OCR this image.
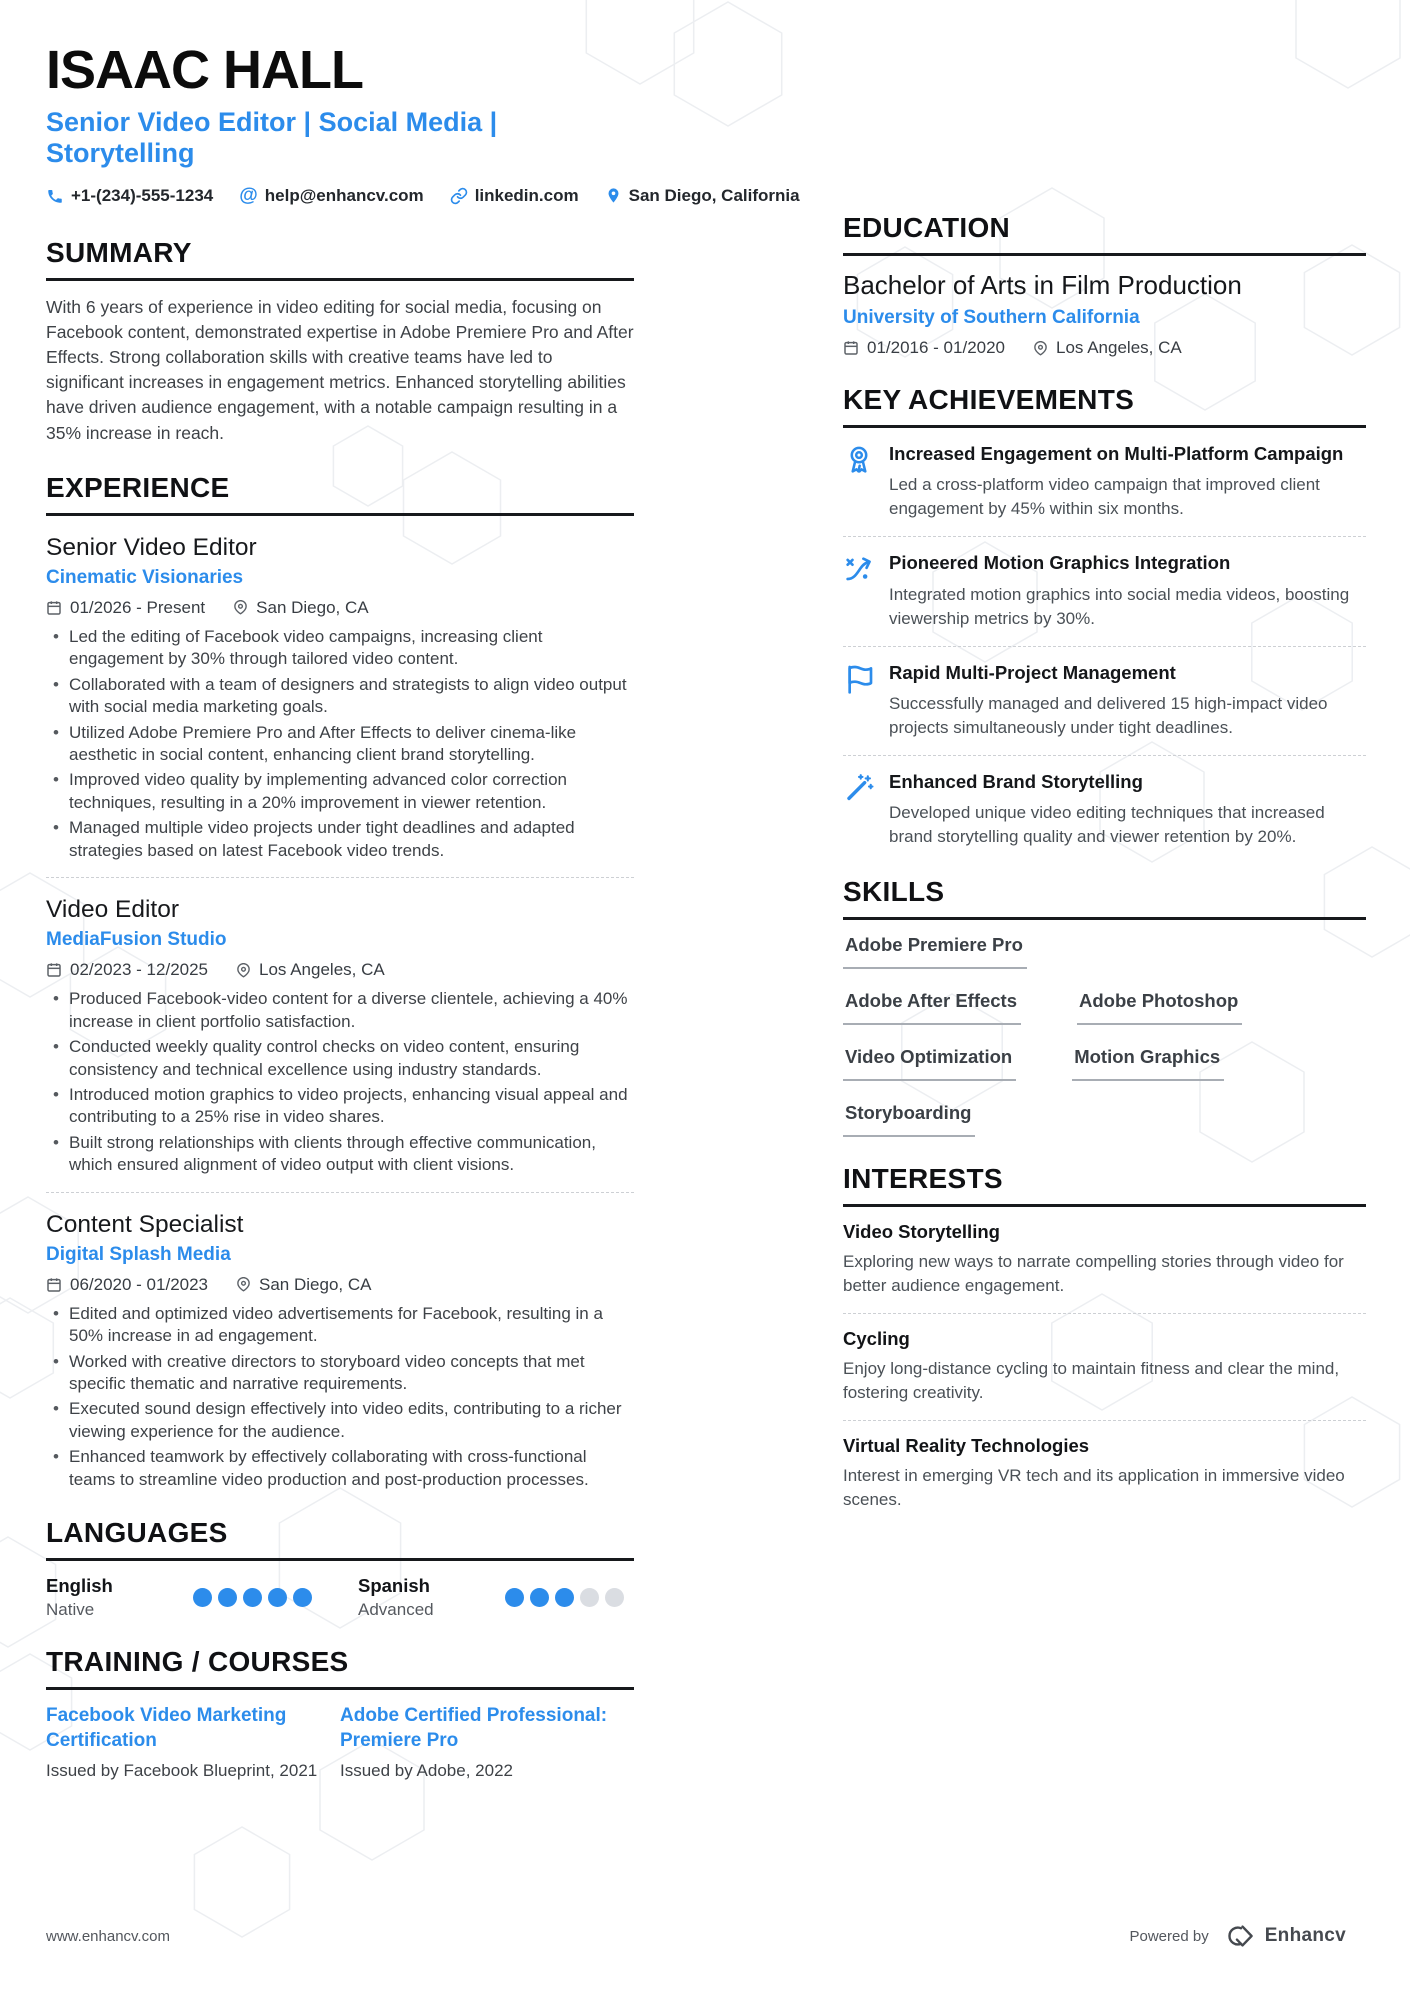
ISAAC HALL
Senior Video Editor | Social Media | Storytelling
+1-(234)-555-1234 @ help@enhancv.com	linkedin.com	San Diego, California
SUMMARY

With 6 years of experience in video editing for social media, focusing on Facebook content, demonstrated expertise in Adobe Premiere Pro and After Effects. Strong collaboration skills with creative teams have led to significant increases in engagement metrics. Enhanced storytelling abilities have driven audience engagement, with a notable campaign resulting in a 35% increase in reach.

EXPERIENCE
Senior Video Editor
Cinematic Visionaries
01/2026 - Present	San Diego, CA
• Led the editing of Facebook video campaigns, increasing client engagement by 30% through tailored video content.
• Collaborated with a team of designers and strategists to align video output with social media marketing goals.
• Utilized Adobe Premiere Pro and After Effects to deliver cinema-like aesthetic in social content, enhancing client brand storytelling.
• Improved video quality by implementing advanced color correction techniques, resulting in a 20% improvement in viewer retention.
• Managed multiple video projects under tight deadlines and adapted strategies based on latest Facebook video trends.
Video Editor
MediaFusion Studio
02/2023 - 12/2025	Los Angeles, CA
• Produced Facebook-video content for a diverse clientele, achieving a 40% increase in client portfolio satisfaction.
• Conducted weekly quality control checks on video content, ensuring consistency and technical excellence using industry standards.
• Introduced motion graphics to video projects, enhancing visual appeal and contributing to a 25% rise in video shares.
• Built strong relationships with clients through effective communication, which ensured alignment of video output with client visions.
Content Specialist
Digital Splash Media
06/2020 - 01/2023	San Diego, CA
• Edited and optimized video advertisements for Facebook, resulting in a 50% increase in ad engagement.
• Worked with creative directors to storyboard video concepts that met specific thematic and narrative requirements.
• Executed sound design effectively into video edits, contributing to a richer viewing experience for the audience.
• Enhanced teamwork by effectively collaborating with cross-functional teams to streamline video production and post-production processes.
LANGUAGES
English
Native
Spanish
Advanced
TRAINING / COURSES
Facebook Video Marketing Certification
Issued by Facebook Blueprint, 2021
Adobe Certified Professional: Premiere Pro
Issued by Adobe, 2022
EDUCATION
Bachelor of Arts in Film Production
University of Southern California
01/2016 - 01/2020	Los Angeles, CA
KEY ACHIEVEMENTS
Increased Engagement on Multi-Platform Campaign
Led a cross-platform video campaign that improved client engagement by 45% within six months.
Pioneered Motion Graphics Integration
Integrated motion graphics into social media videos, boosting viewership metrics by 30%.
Rapid Multi-Project Management
Successfully managed and delivered 15 high-impact video projects simultaneously under tight deadlines.
Enhanced Brand Storytelling
Developed unique video editing techniques that increased brand storytelling quality and viewer retention by 20%.
SKILLS
Adobe Premiere Pro
Adobe After Effects	Adobe Photoshop
Video Optimization	Motion Graphics
Storyboarding
INTERESTS
Video Storytelling
Exploring new ways to narrate compelling stories through video for better audience engagement.
Cycling
Enjoy long-distance cycling to maintain fitness and clear the mind, fostering creativity.
Virtual Reality Technologies
Interest in emerging VR tech and its application in immersive video scenes.
www.enhancv.com	Powered by	Enhancv
